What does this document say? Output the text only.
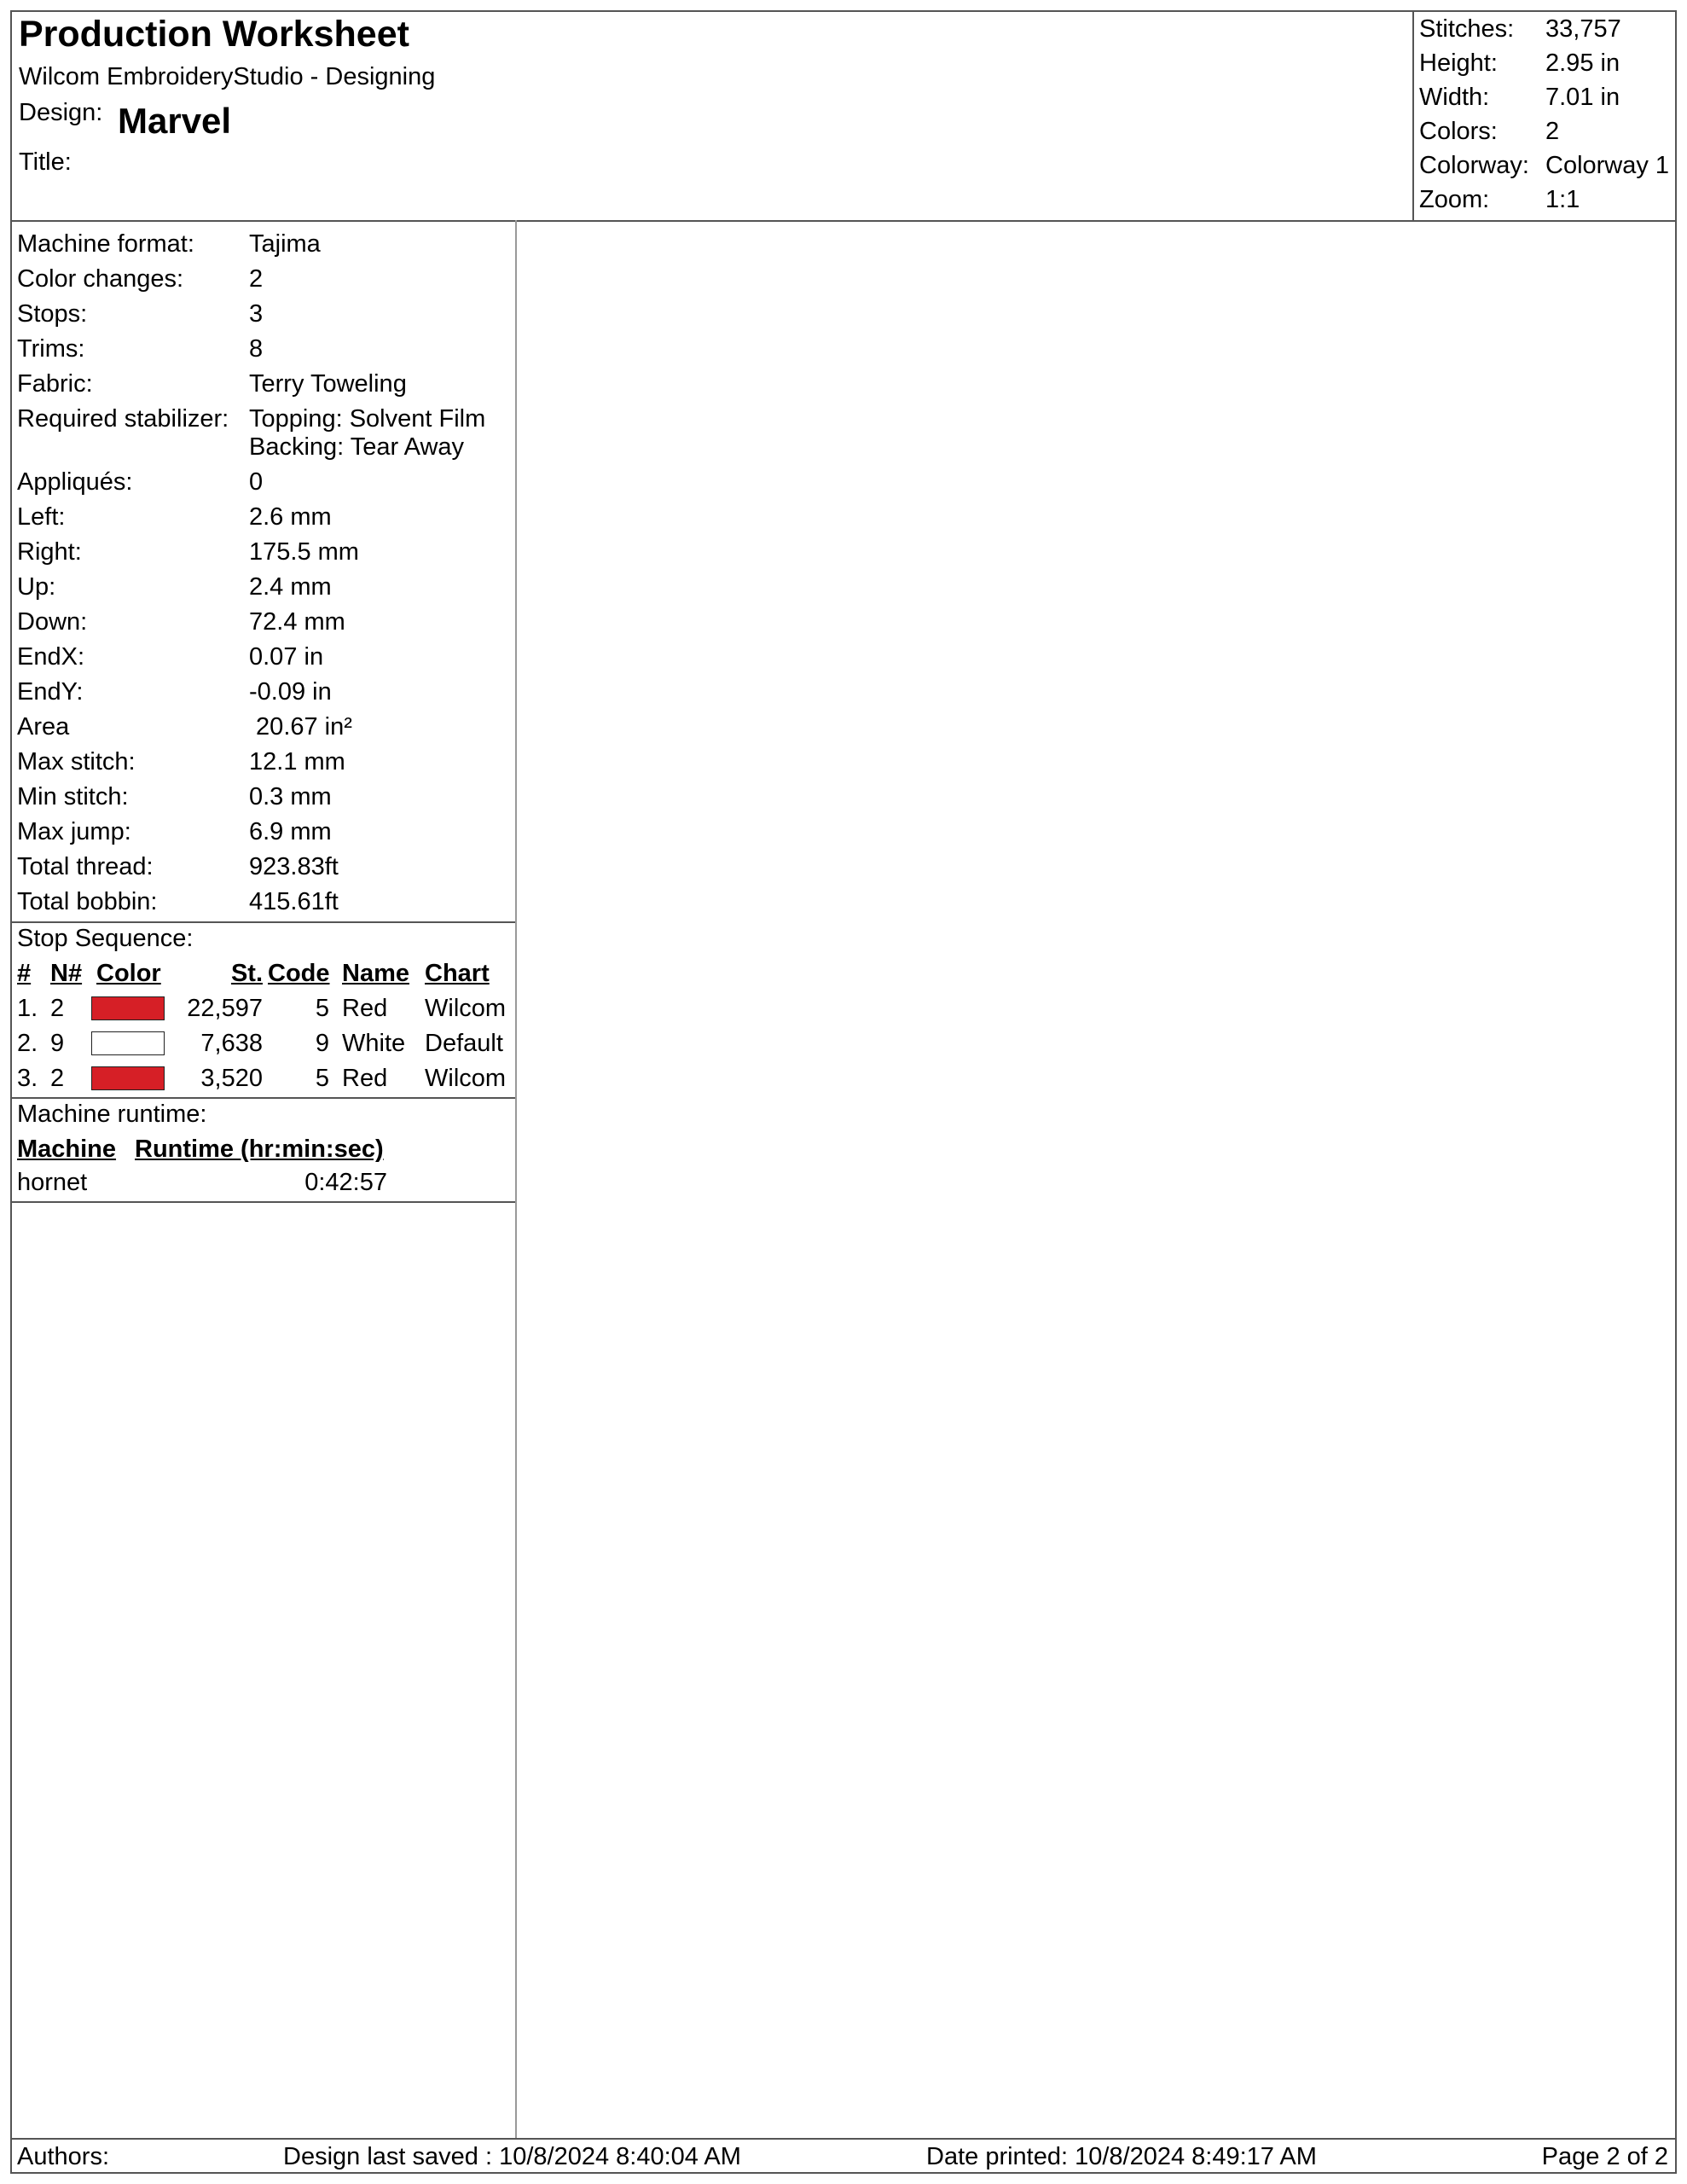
Production Worksheet
Wilcom EmbroideryStudio - Designing
Design: Marvel
Title:
Stitches: 33,757
Height: 2.95 in
Width: 7.01 in
Colors: 2
Colorway: Colorway 1
Zoom: 1:1
Machine format: Tajima
Color changes:	2
Stops:	3
Trims:	8
Fabric:	Terry Toweling
Required stabilizer: Topping: Solvent Film
Backing: Tear Away
Appliqués:	0
Left:	2.6 mm
Right:	175.5 mm
Up:	2.4 mm
Down:	72.4 mm
EndX:	0.07 in
EndY:	-0.09 in
Area	20.67 in²
Max stitch:	12.1 mm
Min stitch:	0.3 mm
Max jump:	6.9 mm
Total thread:	923.83ft
Total bobbin:	415.61ft
Stop Sequence:
# N# Color	St. Code Name Chart
1. 2	22,597	5 Red Wilcom
2. 9	7,638	9 White Default
3. 2	3,520	5 Red Wilcom
Machine runtime:
Machine Runtime (hr:min:sec)
hornet	0:42:57
Authors:	Design last saved : 10/8/2024 8:40:04 AM	Date printed: 10/8/2024 8:49:17 AM	Page 2 of 2
